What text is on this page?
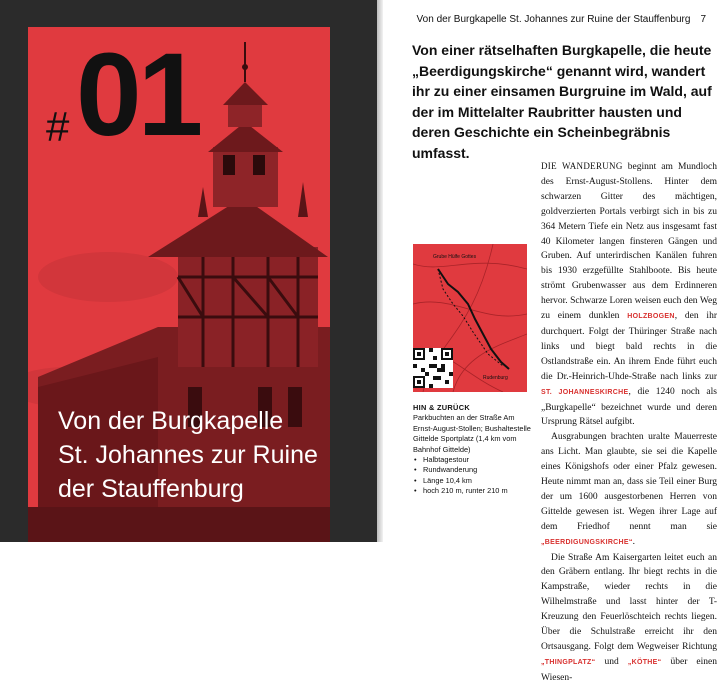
# 01
Von der Burgkapelle
St. Johannes zur Ruine
der Stauffenburg
Von der Burgkapelle St. Johannes zur Ruine der Stauffenburg 7
Von einer rätselhaften Burgkapelle, die heute „Beerdigungskirche“ genannt wird, wandert ihr zu einer einsamen Burgruine im Wald, auf der im Mittelalter Raubritter hausten und deren Geschichte ein Scheinbegräbnis umfasst.
Grube Hülfe Gottes
Rudenburg
HIN & ZURÜCK
Parkbuchten an der Straße Am Ernst-August-Stollen; Bushaltestelle Gittelde Sportplatz (1,4 km vom Bahnhof Gittelde)
• Halbtagestour
• Rundwanderung
• Länge 10,4 km
• hoch 210 m, runter 210 m

DIE WANDERUNG beginnt am Mundloch des Ernst-August-Stollens. Hinter dem schwarzen Gitter des mächtigen, goldverzierten Portals verbirgt sich in bis zu 364 Metern Tiefe ein Netz aus insgesamt fast 40 Kilometer langen finsteren Gängen und Gruben. Auf unterirdischen Kanälen fuhren bis 1930 erzgefüllte Stahlboote. Bis heute strömt Grubenwasser aus dem Erdinneren hervor. Schwarze Loren weisen euch den Weg zu einem dunklen HOLZBOGEN, den ihr durchquert. Folgt der Thüringer Straße nach links und biegt bald rechts in die Ostlandstraße ein. An ihrem Ende führt euch die Dr.-Heinrich-Uhde-Straße nach links zur ST. JOHANNESKIRCHE, die 1240 noch als „Burgkapelle“ bezeichnet wurde und deren Ursprung Rätsel aufgibt.

Ausgrabungen brachten uralte Mauerreste ans Licht. Man glaubte, sie sei die Kapelle eines Königshofs oder einer Pfalz gewesen. Heute nimmt man an, dass sie Teil einer Burg der um 1600 ausgestorbenen Herren von Gittelde gewesen ist. Wegen ihrer Lage auf dem Friedhof nennt man sie „BEERDIGUNGSKIRCHE“.

Die Straße Am Kaisergarten leitet euch an den Gräbern entlang. Ihr biegt rechts in die Kampstraße, wieder rechts in die Wilhelmstraße und lasst hinter der T-Kreuzung den Feuerlöschteich rechts liegen. Über die Schulstraße erreicht ihr den Ortsausgang. Folgt dem Wegweiser Richtung „THINGPLATZ“ und „KÖTHE“ über einen Wiesen-
